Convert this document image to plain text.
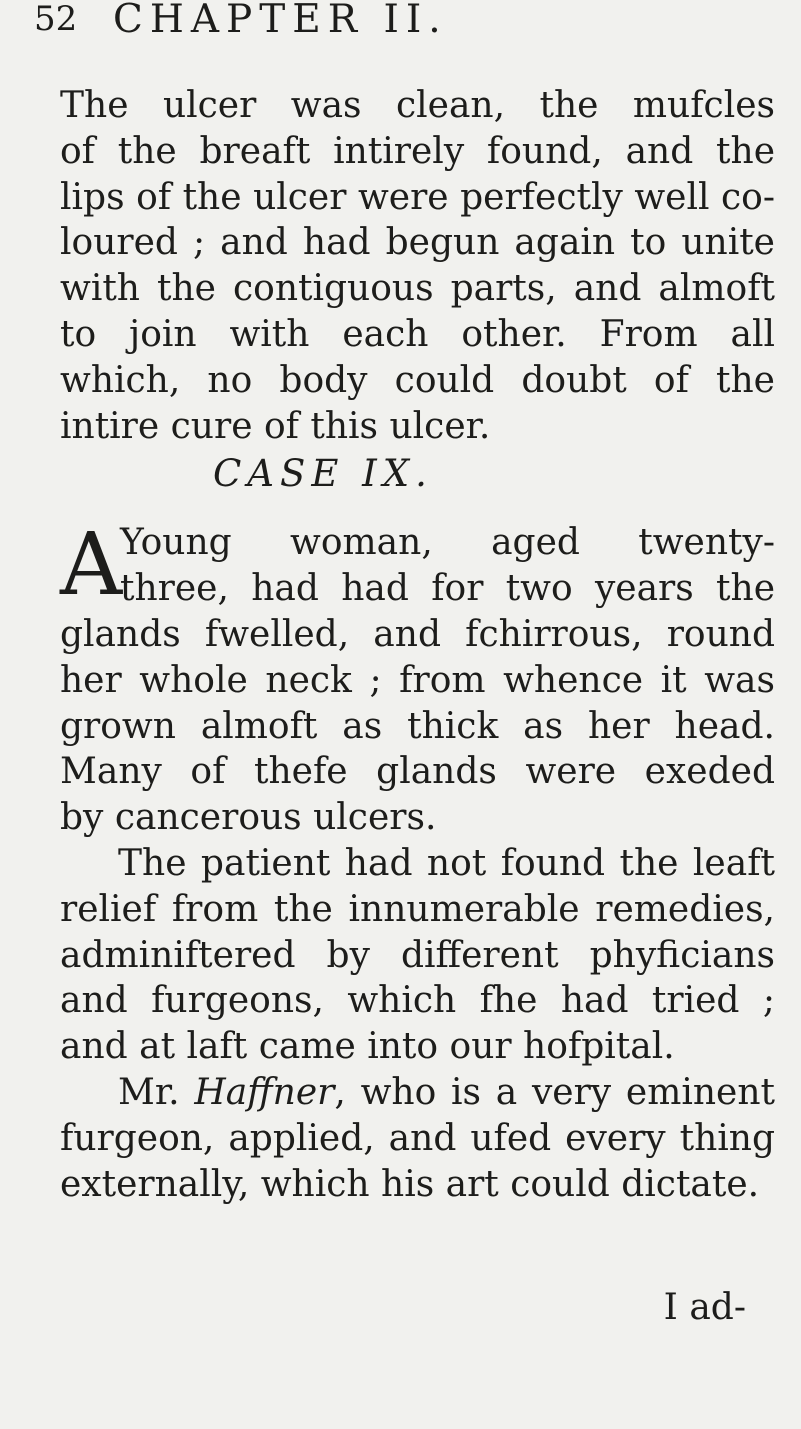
52 CHAPTER II.
The ulcer was clean, the mufcles
of the breaft intirely found, and the
lips of the ulcer were perfectly well co-
loured ; and had begun again to unite
with the contiguous parts, and almoft
to join with each other. From all
which, no body could doubt of the
intire cure of this ulcer.
CASE IX.
A
Young woman, aged twenty-
three, had had for two years the
glands fwelled, and fchirrous, round
her whole neck ; from whence it was
grown almoft as thick as her head.
Many of thefe glands were exeded
by cancerous ulcers.
The patient had not found the leaft
relief from the innumerable remedies,
adminiftered by different phyficians
and furgeons, which fhe had tried ;
and at laft came into our hofpital.
Mr. Haffner, who is a very eminent
furgeon, applied, and ufed every thing
externally, which his art could dictate.
I ad-
